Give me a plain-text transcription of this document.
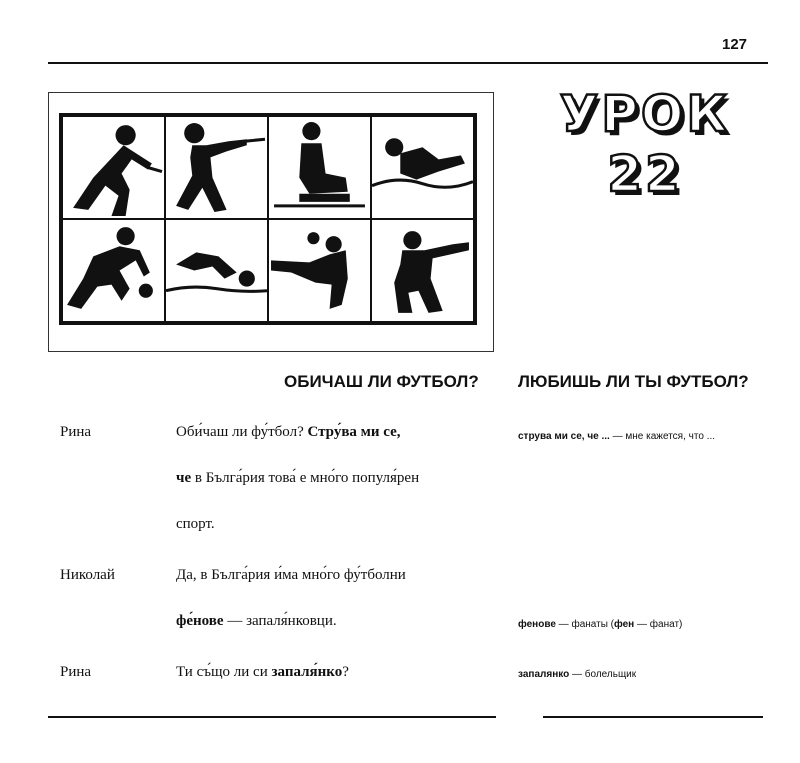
127
УРОК
22
ОБИЧАШ ЛИ ФУТБОЛ? ЛЮБИШЬ ЛИ ТЫ ФУТБОЛ?
Рина	Оби́чаш ли фу́тбол? Стру́ва ми се,
че в Бълга́рия това́ е мно́го популя́рен
спорт.
Николай	Да, в Бълга́рия и́ма мно́го фу́тболни
фе́нове — запаля́нковци.
Рина	Ти съ́що ли си запаля́нко?
струва ми се, че ... — мне кажется, что ...
фенове — фанаты (фен — фанат)
запалянко — болельщик
